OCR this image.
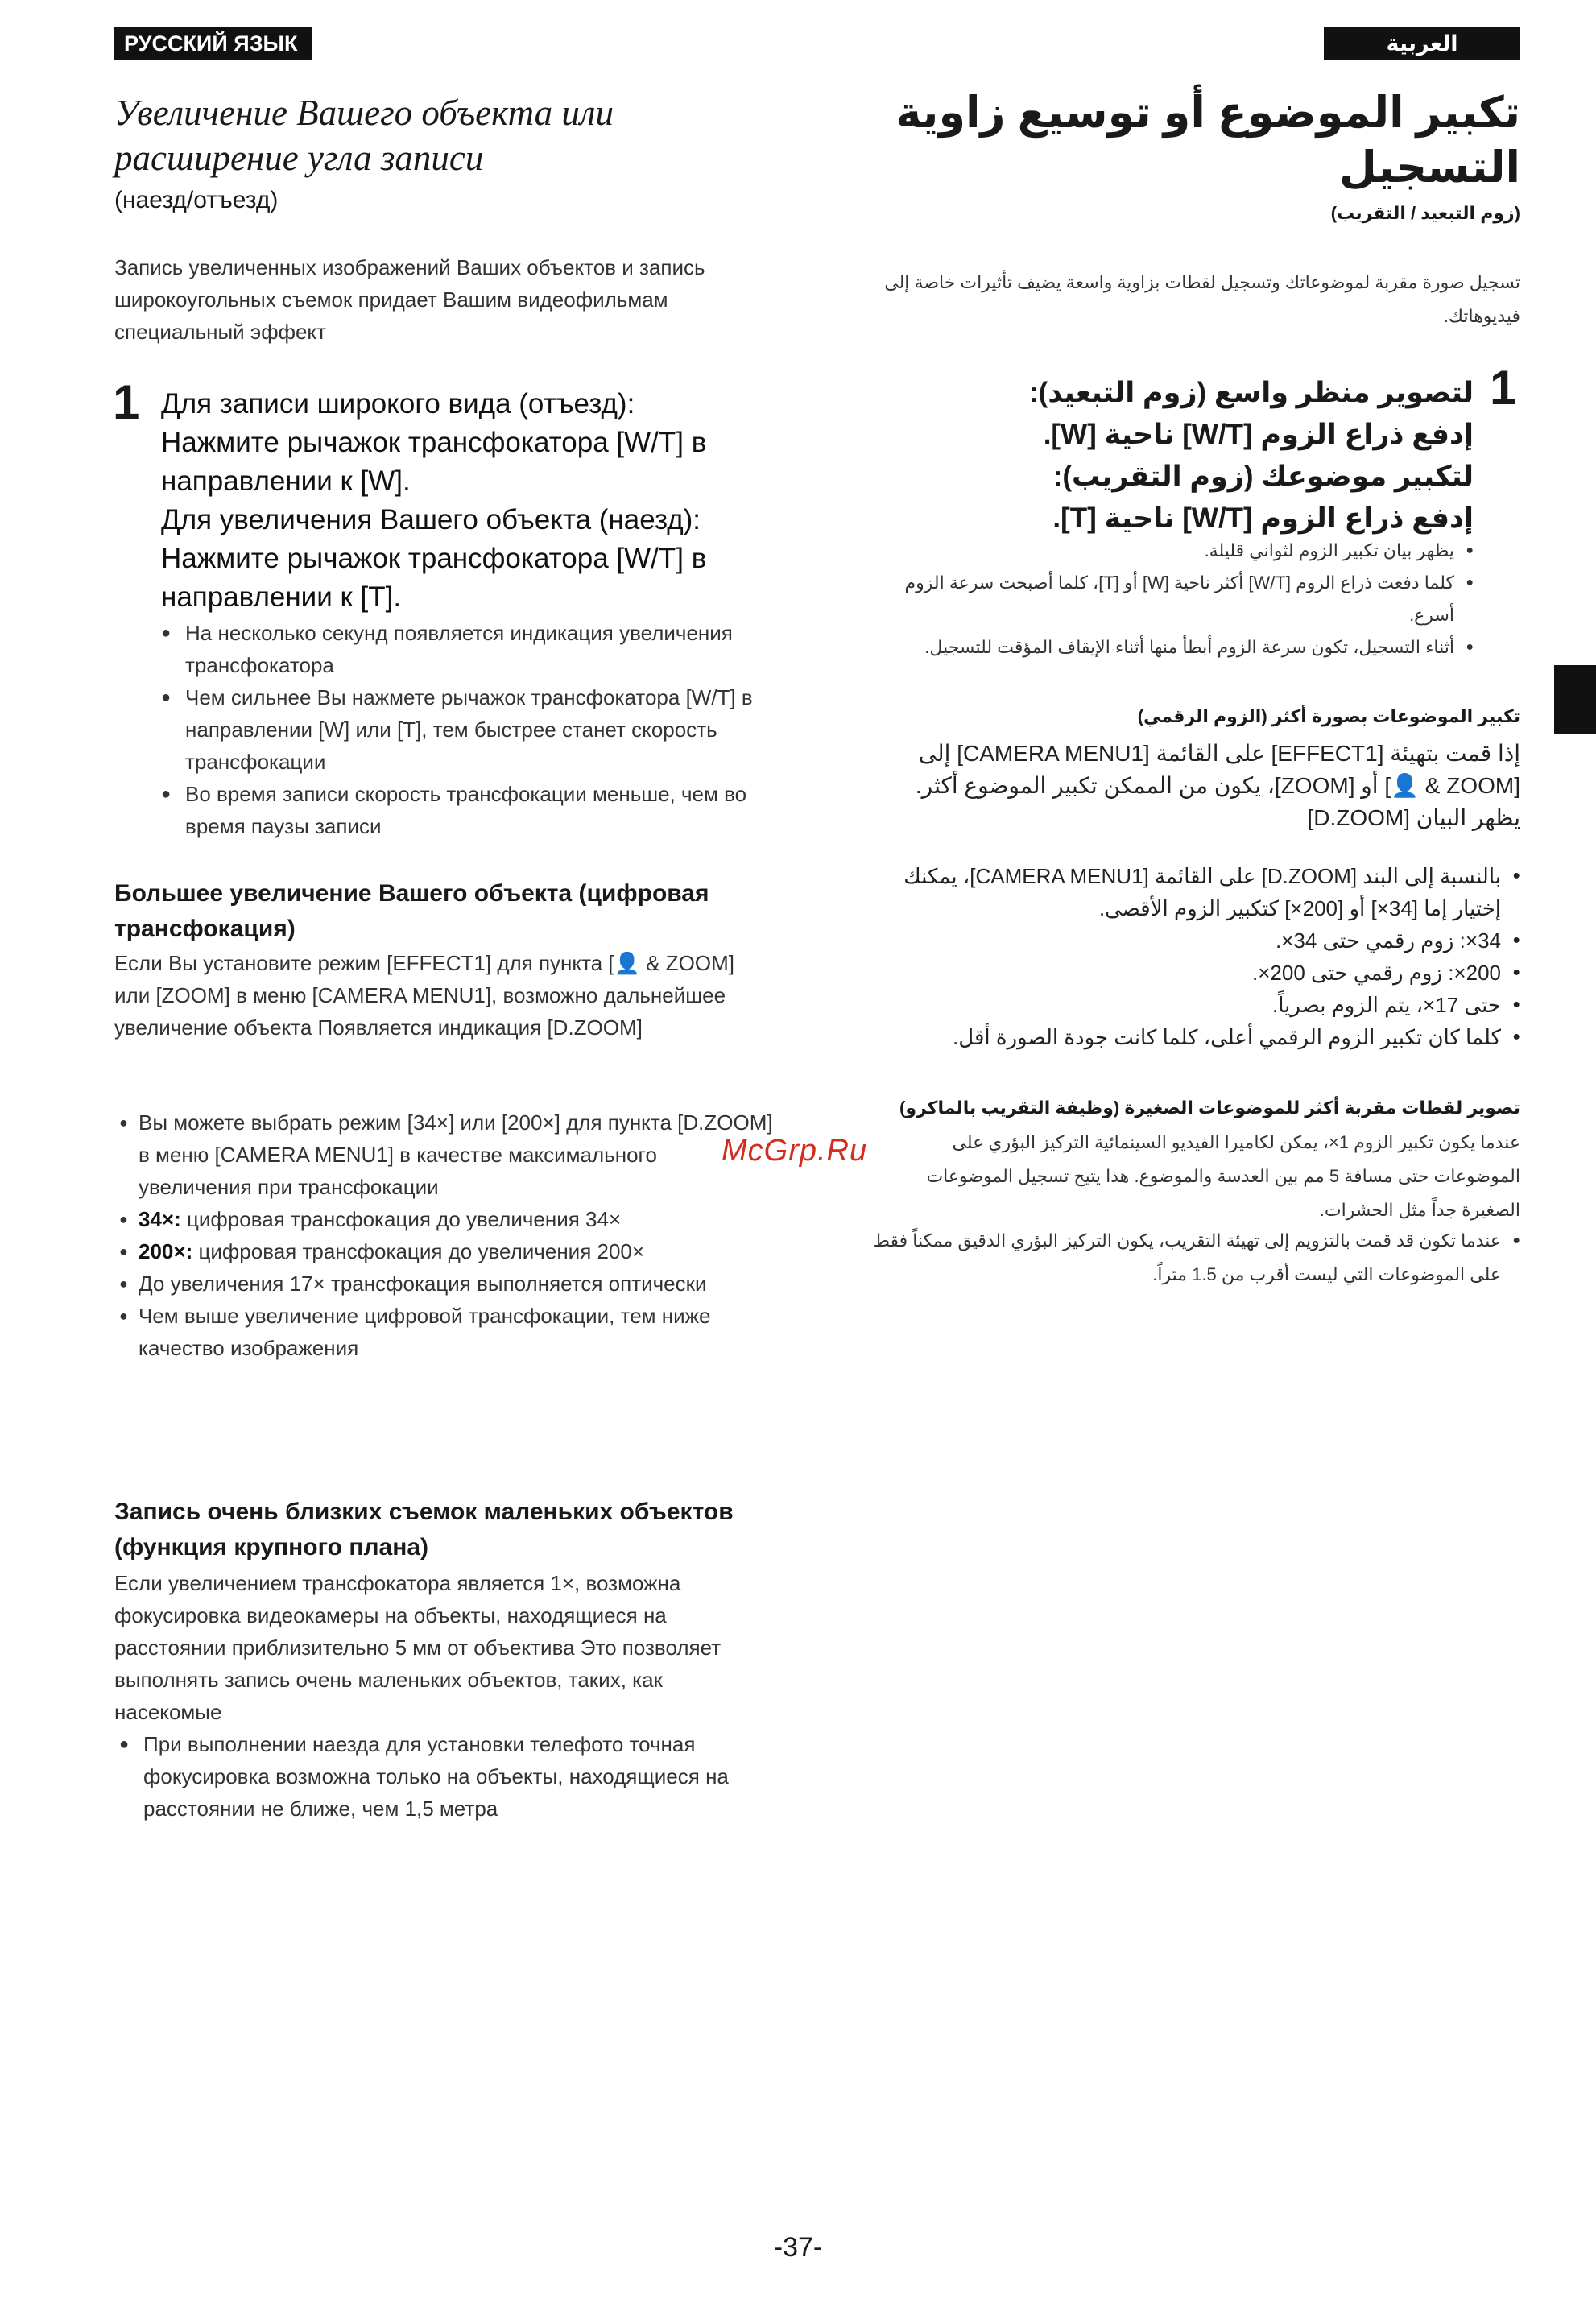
РУССКИЙ ЯЗЫК
Увеличение Вашего объекта или расширение угла записи
(наезд/отъезд)
Запись увеличенных изображений Ваших объектов и запись широкоугольных съемок придает Вашим видеофильмам специальный эффект
1 Для записи широкого вида (отъезд):
Нажмите рычажок трансфокатора [W/T] в направлении к [W].
Для увеличения Вашего объекта (наезд):
Нажмите рычажок трансфокатора [W/T] в направлении к [T].
● На несколько секунд появляется индикация увеличения трансфокатора
● Чем сильнее Вы нажмете рычажок трансфокатора [W/T] в направлении [W] или [T], тем быстрее станет скорость трансфокации
● Во время записи скорость трансфокации меньше, чем во время паузы записи
Большее увеличение Вашего объекта (цифровая трансфокация)
Если Вы установите режим [EFFECT1] для пункта [👤 & ZOOM] или [ZOOM] в меню [CAMERA MENU1], возможно дальнейшее увеличение объекта Появляется индикация [D.ZOOM]
● Вы можете выбрать режим [34×] или [200×] для пункта [D.ZOOM] в меню [CAMERA MENU1] в качестве максимального увеличения при трансфокации
● 34×: цифровая трансфокация до увеличения 34×
● 200×: цифровая трансфокация до увеличения 200×
● До увеличения 17× трансфокация выполняется оптически
● Чем выше увеличение цифровой трансфокации, тем ниже качество изображения
Запись очень близких съемок маленьких объектов (функция крупного плана)
Если увеличением трансфокатора является 1×, возможна фокусировка видеокамеры на объекты, находящиеся на расстоянии приблизительно 5 мм от объектива Это позволяет выполнять запись очень маленьких объектов, таких, как насекомые
● При выполнении наезда для установки телефото точная фокусировка возможна только на объекты, находящиеся на расстоянии не ближе, чем 1,5 метра
McGrp.Ru
العربية
تكبير الموضوع أو توسيع زاوية التسجيل
(زوم التبعيد / التقريب)
تسجيل صورة مقربة لموضوعاتك وتسجيل لقطات بزاوية واسعة يضيف تأثيرات خاصة إلى فيديوهاتك.
1
لتصوير منظر واسع (زوم التبعيد):
إدفع ذراع الزوم [W/T] ناحية [W].
لتكبير موضوعك (زوم التقريب):
إدفع ذراع الزوم [W/T] ناحية [T].
● يظهر بيان تكبير الزوم لثواني قليلة.
● كلما دفعت ذراع الزوم [W/T] أكثر ناحية [W] أو [T]، كلما أصبحت سرعة الزوم أسرع.
● أثناء التسجيل، تكون سرعة الزوم أبطأ منها أثناء الإيقاف المؤقت للتسجيل.
تكبير الموضوعات بصورة أكثر (الزوم الرقمي)
إذا قمت بتهيئة [EFFECT1] على القائمة [CAMERA MENU1] إلى [ZOOM & 👤] أو [ZOOM]، يكون من الممكن تكبير الموضوع أكثر. يظهر البيان [D.ZOOM]
● بالنسبة إلى البند [D.ZOOM] على القائمة [CAMERA MENU1]، يمكنك إختيار إما [34×] أو [200×] كتكبير الزوم الأقصى.
● 34×: زوم رقمي حتى 34×.
● 200×: زوم رقمي حتى 200×.
● حتى 17×، يتم الزوم بصرياً.
● كلما كان تكبير الزوم الرقمي أعلى، كلما كانت جودة الصورة أقل.
تصوير لقطات مقربة أكثر للموضوعات الصغيرة (وظيفة التقريب بالماكرو)
عندما يكون تكبير الزوم 1×، يمكن لكاميرا الفيديو السينمائية التركيز البؤري على الموضوعات حتى مسافة 5 مم بين العدسة والموضوع. هذا يتيح تسجيل الموضوعات الصغيرة جداً مثل الحشرات.
● عندما تكون قد قمت بالتزويم إلى تهيئة التقريب، يكون التركيز البؤري الدقيق ممكناً فقط على الموضوعات التي ليست أقرب من 1.5 متراً.
-37-
